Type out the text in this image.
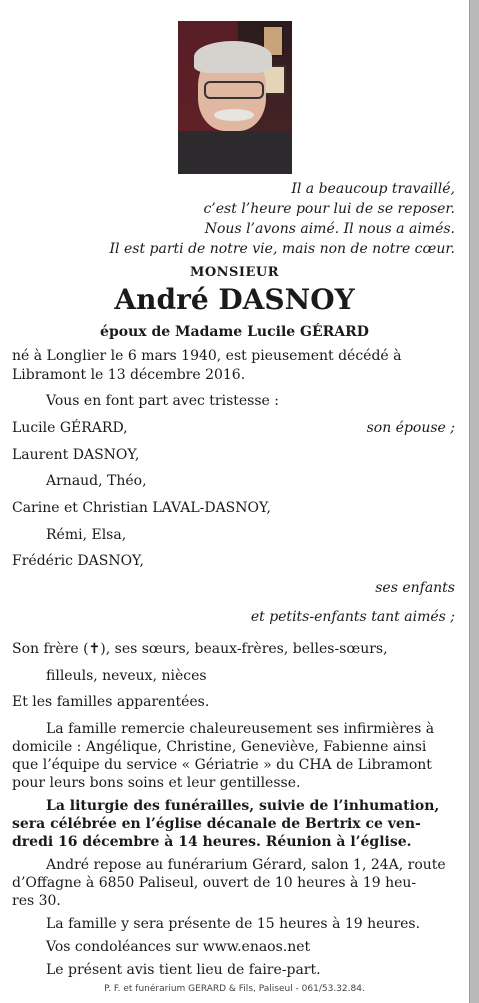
Il a beaucoup travaillé,
c’est l’heure pour lui de se reposer.
Nous l’avons aimé. Il nous a aimés.
Il est parti de notre vie, mais non de notre cœur.
MONSIEUR
André DASNOY
époux de Madame Lucile GÉRARD
né à Longlier le 6 mars 1940, est pieusement décédé à
Libramont le 13 décembre 2016.
Vous en font part avec tristesse :
Lucile GÉRARD,	son épouse ;
Laurent DASNOY,
Arnaud, Théo,
Carine et Christian LAVAL-DASNOY,
Rémi, Elsa,
Frédéric DASNOY,
ses enfants
et petits-enfants tant aimés ;
Son frère (✝), ses sœurs, beaux-frères, belles-sœurs,
filleuls, neveux, nièces
Et les familles apparentées.
La famille remercie chaleureusement ses infirmières à
domicile : Angélique, Christine, Geneviève, Fabienne ainsi
que l’équipe du service « Gériatrie » du CHA de Libramont
pour leurs bons soins et leur gentillesse.
La liturgie des funérailles, suivie de l’inhumation,
sera célébrée en l’église décanale de Bertrix ce ven-
dredi 16 décembre à 14 heures. Réunion à l’église.
André repose au funérarium Gérard, salon 1, 24A, route
d’Offagne à 6850 Paliseul, ouvert de 10 heures à 19 heu-
res 30.
La famille y sera présente de 15 heures à 19 heures.
Vos condoléances sur www.enaos.net
Le présent avis tient lieu de faire-part.
P. F. et funérarium GERARD & Fils, Paliseul - 061/53.32.84.
